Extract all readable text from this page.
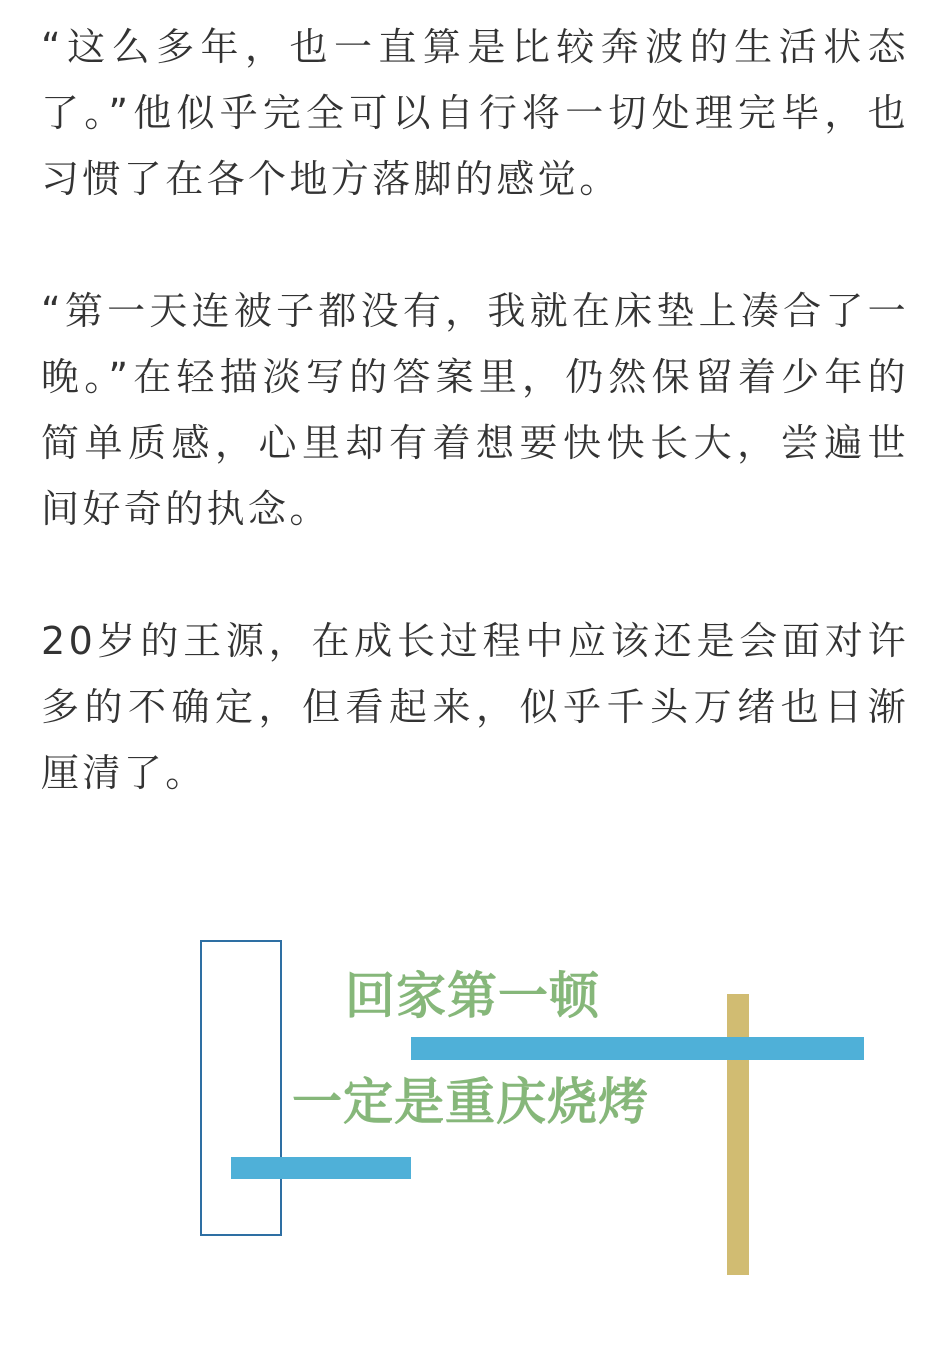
“这么多年，也一直算是比较奔波的生活状态了。”他似乎完全可以自行将一切处理完毕，也习惯了在各个地方落脚的感觉。

“第一天连被子都没有，我就在床垫上凑合了一晚。”在轻描淡写的答案里，仍然保留着少年的简单质感，心里却有着想要快快长大，尝遍世间好奇的执念。

20岁的王源，在成长过程中应该还是会面对许多的不确定，但看起来，似乎千头万绪也日渐厘清了。

回家第一顿

一定是重庆烧烤
